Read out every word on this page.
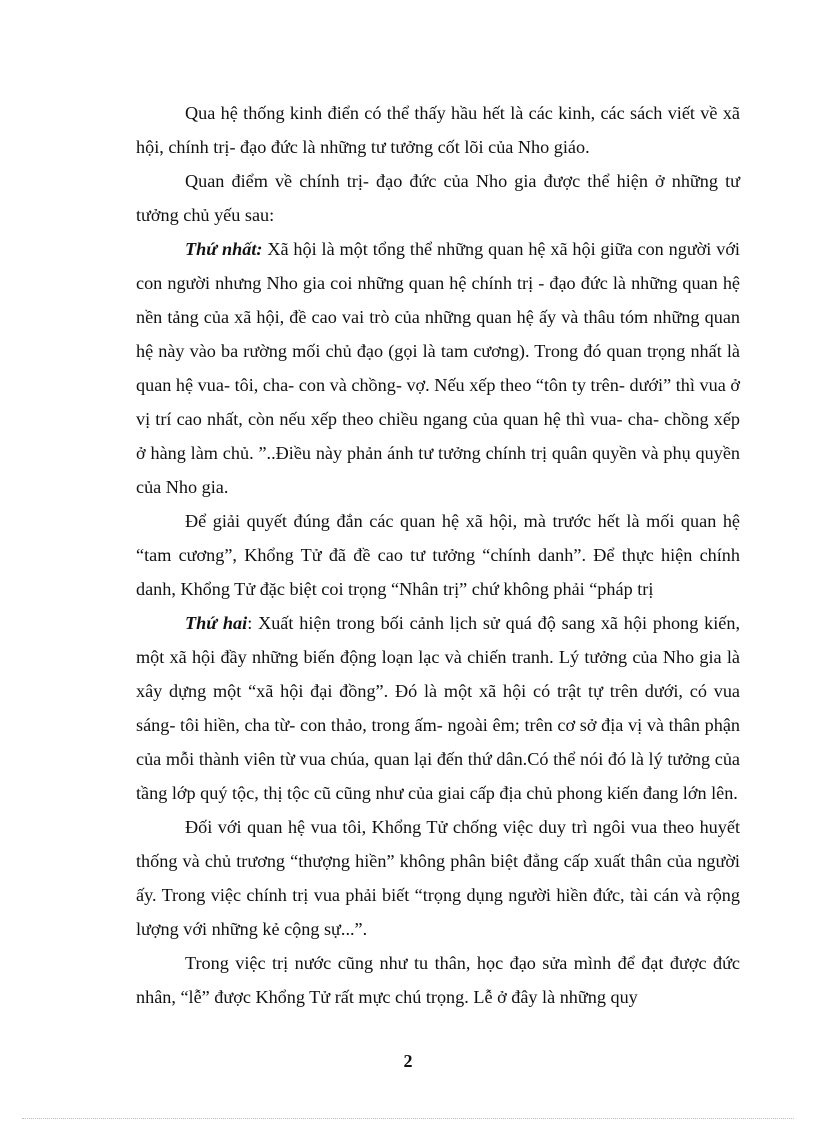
Qua hệ thống kinh điển có thể thấy hầu hết là các kinh, các sách viết về xã hội, chính trị- đạo đức là những tư tưởng cốt lõi của Nho giáo.

Quan điểm về chính trị- đạo đức của Nho gia được thể hiện ở những tư tưởng chủ yếu sau:

Thứ nhất: Xã hội là một tổng thể những quan hệ xã hội giữa con người với con người nhưng Nho gia coi những quan hệ chính trị - đạo đức là những quan hệ nền tảng của xã hội, đề cao vai trò của những quan hệ ấy và thâu tóm những quan hệ này vào ba rường mối chủ đạo (gọi là tam cương). Trong đó quan trọng nhất là quan hệ vua- tôi, cha- con và chồng- vợ. Nếu xếp theo “tôn ty trên- dưới” thì vua ở vị trí cao nhất, còn nếu xếp theo chiều ngang của quan hệ thì vua- cha- chồng xếp ở hàng làm chủ. ”..Điều này phản ánh tư tưởng chính trị quân quyền và phụ quyền của Nho gia.

Để giải quyết đúng đắn các quan hệ xã hội, mà trước hết là mối quan hệ “tam cương”, Khổng Tử đã đề cao tư tưởng “chính danh”. Để thực hiện chính danh, Khổng Tử đặc biệt coi trọng “Nhân trị” chứ không phải “pháp trị

Thứ hai: Xuất hiện trong bối cảnh lịch sử quá độ sang xã hội phong kiến, một xã hội đầy những biến động loạn lạc và chiến tranh. Lý tưởng của Nho gia là xây dựng một “xã hội đại đồng”. Đó là một xã hội có trật tự trên dưới, có vua sáng- tôi hiền, cha từ- con thảo, trong ấm- ngoài êm; trên cơ sở địa vị và thân phận của mỗi thành viên từ vua chúa, quan lại đến thứ dân.Có thể nói đó là lý tưởng của tầng lớp quý tộc, thị tộc cũ cũng như của giai cấp địa chủ phong kiến đang lớn lên.

Đối với quan hệ vua tôi, Khổng Tử chống việc duy trì ngôi vua theo huyết thống và chủ trương “thượng hiền” không phân biệt đẳng cấp xuất thân của người ấy. Trong việc chính trị vua phải biết “trọng dụng người hiền đức, tài cán và rộng lượng với những kẻ cộng sự...”.

Trong việc trị nước cũng như tu thân, học đạo sửa mình để đạt được đức nhân, “lễ” được Khổng Tử rất mực chú trọng. Lễ ở đây là những quy

2
